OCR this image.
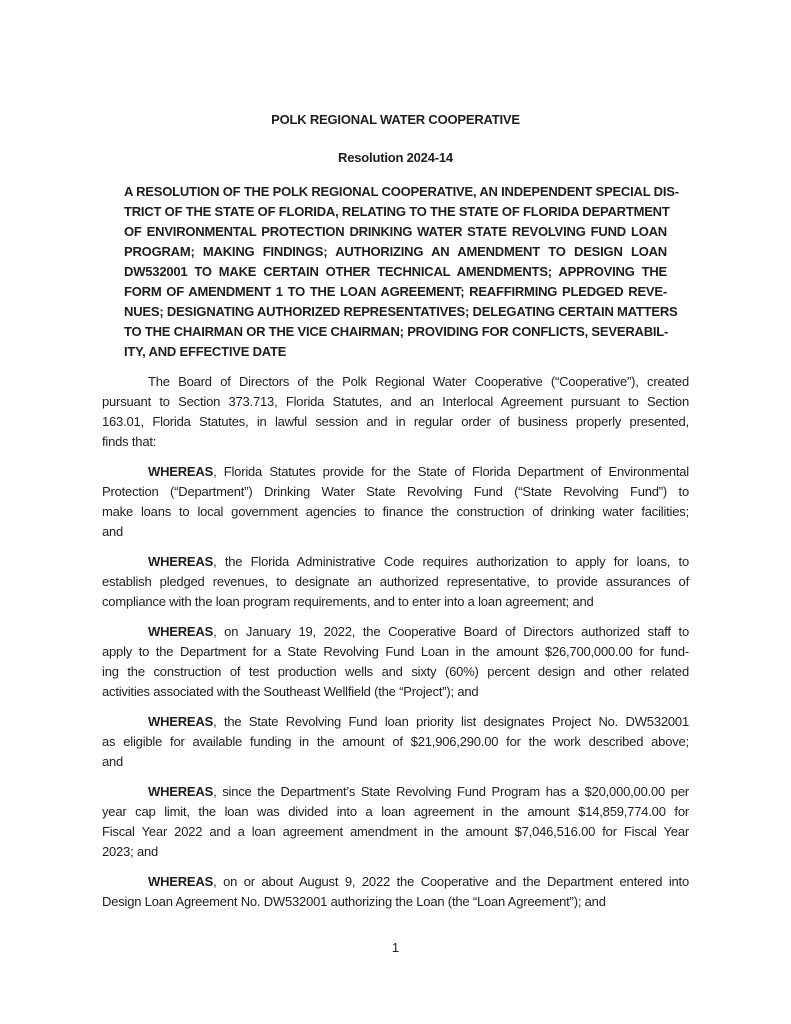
POLK REGIONAL WATER COOPERATIVE
Resolution 2024-14
A RESOLUTION OF THE POLK REGIONAL COOPERATIVE, AN INDEPENDENT SPECIAL DIS-
TRICT OF THE STATE OF FLORIDA, RELATING TO THE STATE OF FLORIDA DEPARTMENT
OF ENVIRONMENTAL PROTECTION DRINKING WATER STATE REVOLVING FUND LOAN
PROGRAM; MAKING FINDINGS; AUTHORIZING AN AMENDMENT TO DESIGN LOAN
DW532001 TO MAKE CERTAIN OTHER TECHNICAL AMENDMENTS; APPROVING THE
FORM OF AMENDMENT 1 TO THE LOAN AGREEMENT; REAFFIRMING PLEDGED REVE-
NUES; DESIGNATING AUTHORIZED REPRESENTATIVES; DELEGATING CERTAIN MATTERS
TO THE CHAIRMAN OR THE VICE CHAIRMAN; PROVIDING FOR CONFLICTS, SEVERABIL-
ITY, AND EFFECTIVE DATE
The Board of Directors of the Polk Regional Water Cooperative (“Cooperative”), created
pursuant to Section 373.713, Florida Statutes, and an Interlocal Agreement pursuant to Section
163.01, Florida Statutes, in lawful session and in regular order of business properly presented,
finds that:
WHEREAS, Florida Statutes provide for the State of Florida Department of Environmental
Protection (“Department”) Drinking Water State Revolving Fund (“State Revolving Fund”) to
make loans to local government agencies to finance the construction of drinking water facilities;
and
WHEREAS, the Florida Administrative Code requires authorization to apply for loans, to
establish pledged revenues, to designate an authorized representative, to provide assurances of
compliance with the loan program requirements, and to enter into a loan agreement; and
WHEREAS, on January 19, 2022, the Cooperative Board of Directors authorized staff to
apply to the Department for a State Revolving Fund Loan in the amount $26,700,000.00 for fund-
ing the construction of test production wells and sixty (60%) percent design and other related
activities associated with the Southeast Wellfield (the “Project”); and
WHEREAS, the State Revolving Fund loan priority list designates Project No. DW532001
as eligible for available funding in the amount of $21,906,290.00 for the work described above;
and
WHEREAS, since the Department’s State Revolving Fund Program has a $20,000,00.00 per
year cap limit, the loan was divided into a loan agreement in the amount $14,859,774.00 for
Fiscal Year 2022 and a loan agreement amendment in the amount $7,046,516.00 for Fiscal Year
2023; and
WHEREAS, on or about August 9, 2022 the Cooperative and the Department entered into
Design Loan Agreement No. DW532001 authorizing the Loan (the “Loan Agreement”); and
1
